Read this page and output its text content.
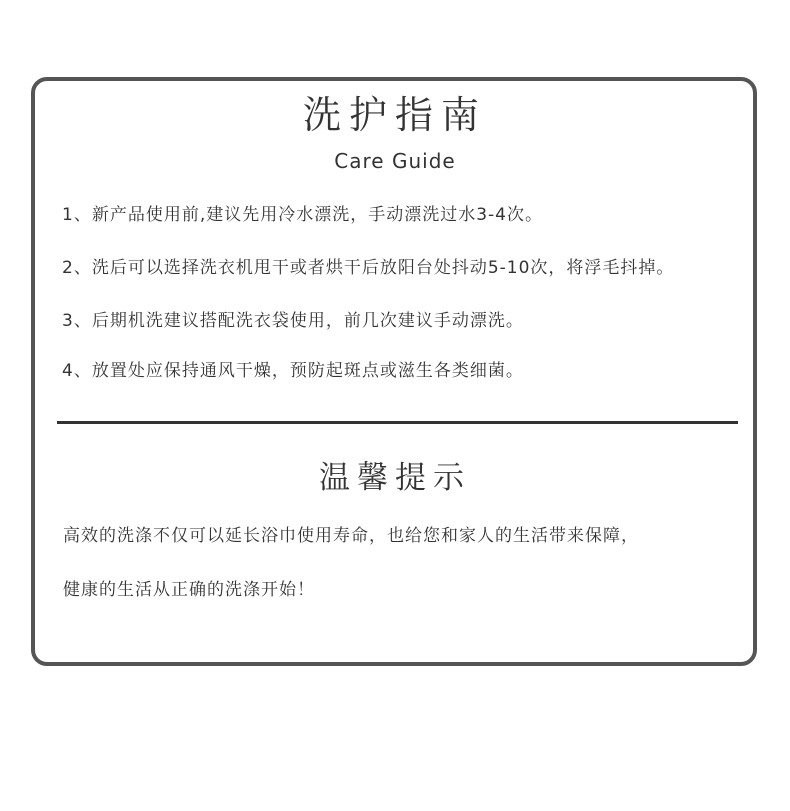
洗护指南
Care Guide
1、新产品使用前,建议先用冷水漂洗，手动漂洗过水3-4次。
2、洗后可以选择洗衣机甩干或者烘干后放阳台处抖动5-10次，将浮毛抖掉。
3、后期机洗建议搭配洗衣袋使用，前几次建议手动漂洗。
4、放置处应保持通风干燥，预防起斑点或滋生各类细菌。
温馨提示
高效的洗涤不仅可以延长浴巾使用寿命，也给您和家人的生活带来保障，
健康的生活从正确的洗涤开始！
